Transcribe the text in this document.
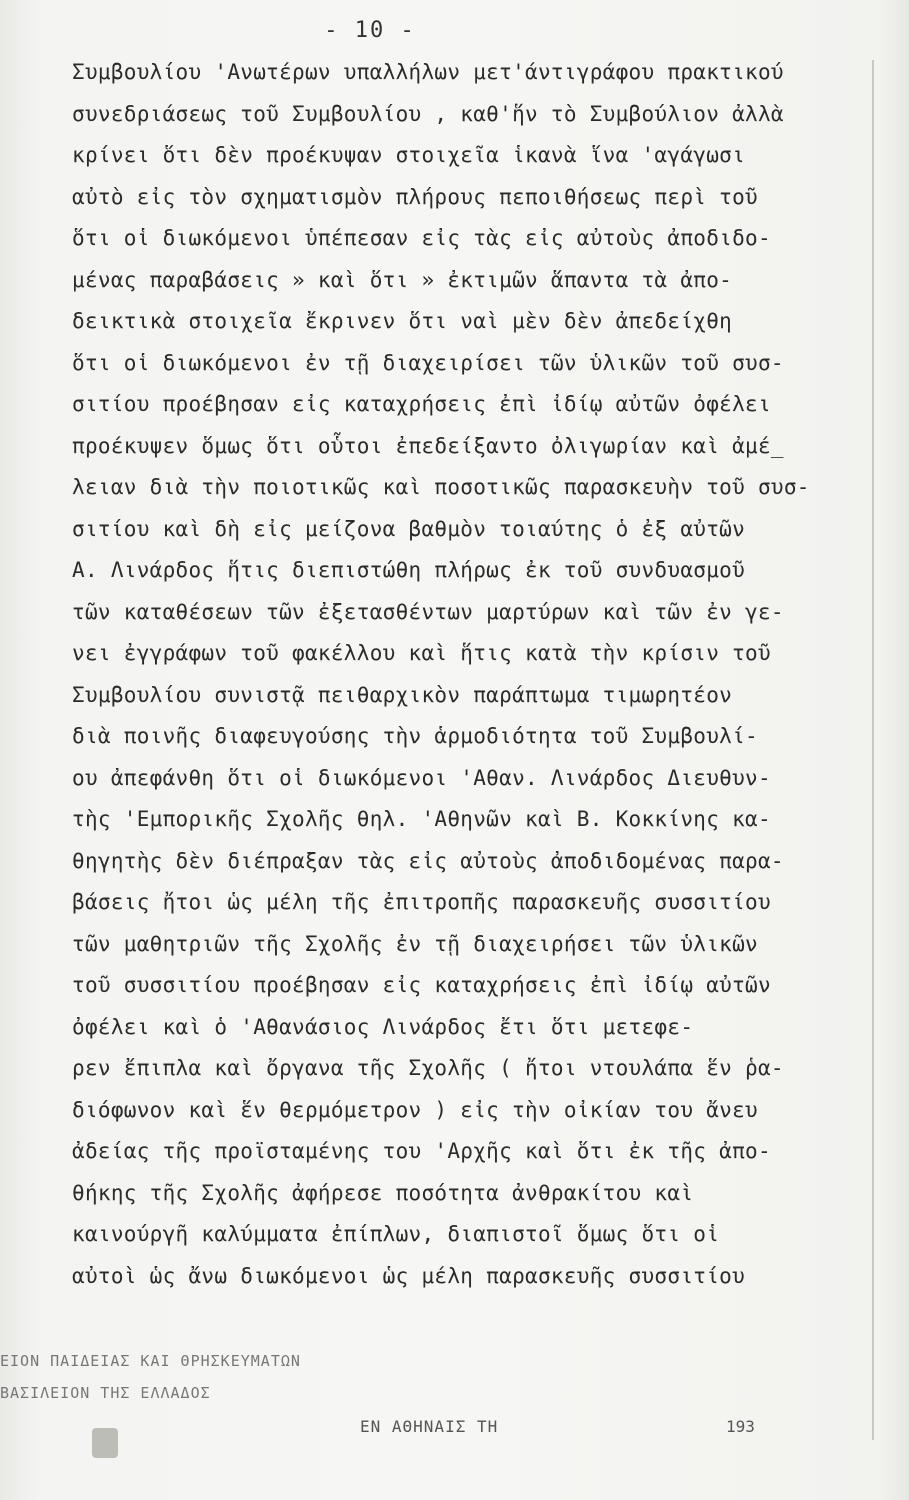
- 10 -
Συμβουλίου 'Ανωτέρων υπαλλήλων μετ'άντιγράφου πρακτικού
συνεδριάσεως τοῦ Συμβουλίου , καθ'ἥν τὸ Συμβούλιον ἀλλὰ
κρίνει ὅτι δὲν προέκυψαν στοιχεῖα ἱκανὰ ἵνα 'αγάγωσι
αὐτὸ εἰς τὸν σχηματισμὸν πλήρους πεποιθήσεως περὶ τοῦ
ὅτι οἱ διωκόμενοι ὑπέπεσαν εἰς τὰς εἰς αὐτοὺς ἀποδιδο-
μένας παραβάσεις » καὶ ὅτι » ἐκτιμῶν ἅπαντα τὰ ἀπο-
δεικτικὰ στοιχεῖα ἔκρινεν ὅτι ναὶ μὲν δὲν ἀπεδείχθη
ὅτι οἱ διωκόμενοι ἐν τῇ διαχειρίσει τῶν ὑλικῶν τοῦ συσ-
σιτίου προέβησαν εἰς καταχρήσεις ἐπὶ ἰδίῳ αὐτῶν ὀφέλει
προέκυψεν ὅμως ὅτι οὗτοι ἐπεδείξαντο ὀλιγωρίαν καὶ ἀμέ_
λειαν διὰ τὴν ποιοτικῶς καὶ ποσοτικῶς παρασκευὴν τοῦ συσ-
σιτίου καὶ δὴ εἰς μείζονα βαθμὸν τοιαύτης ὁ ἐξ αὐτῶν
Α. Λινάρδος ἥτις διεπιστώθη πλήρως ἐκ τοῦ συνδυασμοῦ
τῶν καταθέσεων τῶν ἐξετασθέντων μαρτύρων καὶ τῶν ἐν γε-
νει ἐγγράφων τοῦ φακέλλου καὶ ἥτις κατὰ τὴν κρίσιν τοῦ
Συμβουλίου συνιστᾷ πειθαρχικὸν παράπτωμα τιμωρητέον
διὰ ποινῆς διαφευγούσης τὴν ἁρμοδιότητα τοῦ Συμβουλί-
ου ἀπεφάνθη ὅτι οἱ διωκόμενοι 'Αθαν. Λινάρδος Διευθυν-
τὴς 'Εμπορικῆς Σχολῆς θηλ. 'Αθηνῶν καὶ Β. Κοκκίνης κα-
θηγητὴς δὲν διέπραξαν τὰς εἰς αὐτοὺς ἀποδιδομένας παρα-
βάσεις ἤτοι ὡς μέλη τῆς ἐπιτροπῆς παρασκευῆς συσσιτίου
τῶν μαθητριῶν τῆς Σχολῆς ἐν τῇ διαχειρήσει τῶν ὑλικῶν
τοῦ συσσιτίου προέβησαν εἰς καταχρήσεις ἐπὶ ἰδίῳ αὐτῶν
ὀφέλει καὶ ὁ 'Αθανάσιος Λινάρδος ἔτι ὅτι μετεφε-
ρεν ἔπιπλα καὶ ὄργανα τῆς Σχολῆς ( ἤτοι ντουλάπα ἕν ῥα-
διόφωνον καὶ ἕν θερμόμετρον ) εἰς τὴν οἰκίαν του ἄνευ
ἀδείας τῆς προϊσταμένης του 'Αρχῆς καὶ ὅτι ἐκ τῆς ἀπο-
θήκης τῆς Σχολῆς ἀφήρεσε ποσότητα ἀνθρακίτου καὶ
καινούργῆ καλύμματα ἐπίπλων, διαπιστοῖ ὅμως ὅτι οἱ
αὐτοὶ ὡς ἄνω διωκόμενοι ὡς μέλη παρασκευῆς συσσιτίου
ΕΙΟΝ ΠΑΙΔΕΙΑΣ ΚΑΙ ΘΡΗΣΚΕΥΜΑΤΩΝ
ΒΑΣΙΛΕΙΟΝ ΤΗΣ ΕΛΛΑΔΟΣ
ΕΝ ΑΘΗΝΑΙΣ ΤΗ	193
